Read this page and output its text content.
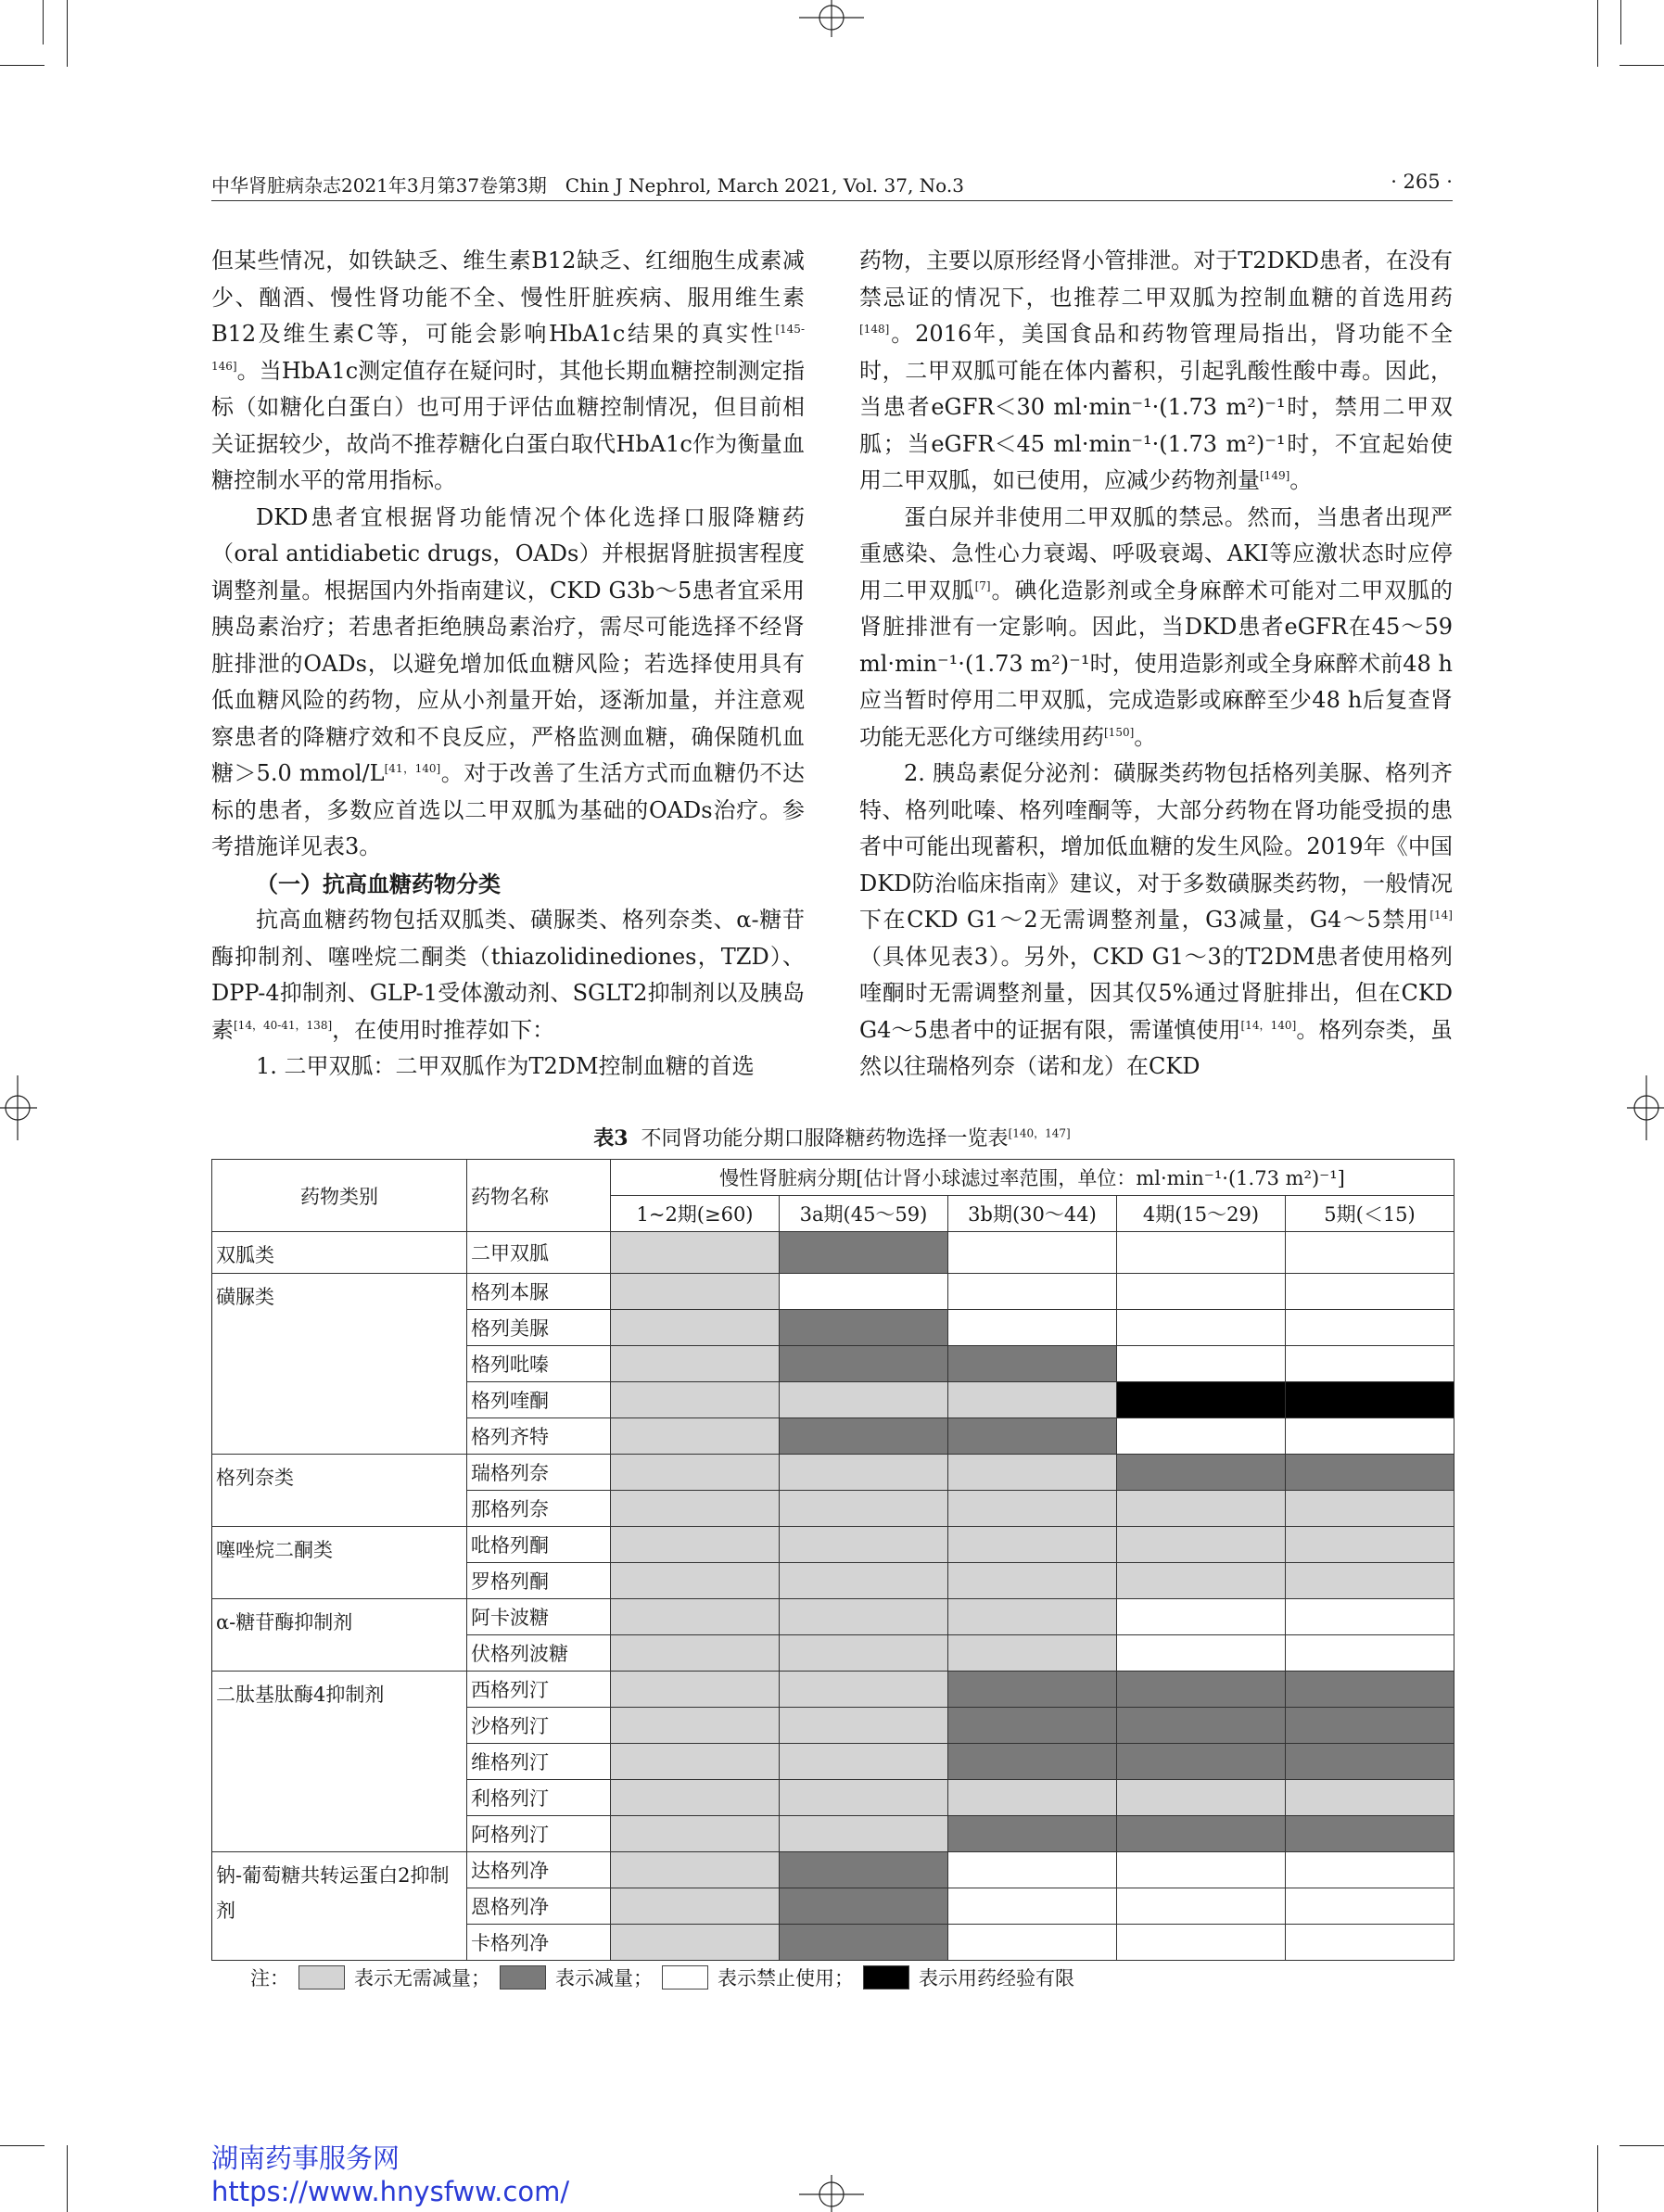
中华肾脏病杂志2021年3月第37卷第3期　Chin J Nephrol, March 2021, Vol. 37, No.3	· 265 ·

但某些情况，如铁缺乏、维生素B12缺乏、红细胞生成素减少、酗酒、慢性肾功能不全、慢性肝脏疾病、服用维生素B12及维生素C等，可能会影响HbA1c结果的真实性[145-146]。当HbA1c测定值存在疑问时，其他长期血糖控制测定指标（如糖化白蛋白）也可用于评估血糖控制情况，但目前相关证据较少，故尚不推荐糖化白蛋白取代HbA1c作为衡量血糖控制水平的常用指标。

DKD患者宜根据肾功能情况个体化选择口服降糖药（oral antidiabetic drugs，OADs）并根据肾脏损害程度调整剂量。根据国内外指南建议，CKD G3b～5患者宜采用胰岛素治疗；若患者拒绝胰岛素治疗，需尽可能选择不经肾脏排泄的OADs，以避免增加低血糖风险；若选择使用具有低血糖风险的药物，应从小剂量开始，逐渐加量，并注意观察患者的降糖疗效和不良反应，严格监测血糖，确保随机血糖＞5.0 mmol/L[41，140]。对于改善了生活方式而血糖仍不达标的患者，多数应首选以二甲双胍为基础的OADs治疗。参考措施详见表3。

（一）抗高血糖药物分类

抗高血糖药物包括双胍类、磺脲类、格列奈类、α-糖苷酶抑制剂、噻唑烷二酮类（thiazolidinediones，TZD）、DPP-4抑制剂、GLP-1受体激动剂、SGLT2抑制剂以及胰岛素[14，40-41，138]，在使用时推荐如下：

1. 二甲双胍：二甲双胍作为T2DM控制血糖的首选

药物，主要以原形经肾小管排泄。对于T2DKD患者，在没有禁忌证的情况下，也推荐二甲双胍为控制血糖的首选用药[148]。2016年，美国食品和药物管理局指出，肾功能不全时，二甲双胍可能在体内蓄积，引起乳酸性酸中毒。因此，当患者eGFR＜30 ml·min⁻¹·(1.73 m²)⁻¹时，禁用二甲双胍；当eGFR＜45 ml·min⁻¹·(1.73 m²)⁻¹时，不宜起始使用二甲双胍，如已使用，应减少药物剂量[149]。

蛋白尿并非使用二甲双胍的禁忌。然而，当患者出现严重感染、急性心力衰竭、呼吸衰竭、AKI等应激状态时应停用二甲双胍[7]。碘化造影剂或全身麻醉术可能对二甲双胍的肾脏排泄有一定影响。因此，当DKD患者eGFR在45～59 ml·min⁻¹·(1.73 m²)⁻¹时，使用造影剂或全身麻醉术前48 h应当暂时停用二甲双胍，完成造影或麻醉至少48 h后复查肾功能无恶化方可继续用药[150]。

2. 胰岛素促分泌剂：磺脲类药物包括格列美脲、格列齐特、格列吡嗪、格列喹酮等，大部分药物在肾功能受损的患者中可能出现蓄积，增加低血糖的发生风险。2019年《中国DKD防治临床指南》建议，对于多数磺脲类药物，一般情况下在CKD G1～2无需调整剂量，G3减量，G4～5禁用[14]（具体见表3）。另外，CKD G1～3的T2DM患者使用格列喹酮时无需调整剂量，因其仅5%通过肾脏排出，但在CKD G4～5患者中的证据有限，需谨慎使用[14，140]。格列奈类，虽然以往瑞格列奈（诺和龙）在CKD

表3 不同肾功能分期口服降糖药物选择一览表[140，147]
药物类别	药物名称	慢性肾脏病分期[估计肾小球滤过率范围，单位：ml·min⁻¹·(1.73 m²)⁻¹]				
		1~2期(≥60)	3a期(45～59)	3b期(30～44)	4期(15～29)	5期(＜15)
双胍类	二甲双胍					
磺脲类	格列本脲					
	格列美脲					
	格列吡嗪					
	格列喹酮					
	格列齐特					
格列奈类	瑞格列奈					
	那格列奈					
噻唑烷二酮类	吡格列酮					
	罗格列酮					
α-糖苷酶抑制剂	阿卡波糖					
	伏格列波糖					
二肽基肽酶4抑制剂	西格列汀					
	沙格列汀					
	维格列汀					
	利格列汀					
	阿格列汀					
钠-葡萄糖共转运蛋白2抑制剂	达格列净					
	恩格列净					
	卡格列净					
注：	表示无需减量；	表示减量；	表示禁止使用；	表示用药经验有限
湖南药事服务网
https://www.hnysfww.com/
